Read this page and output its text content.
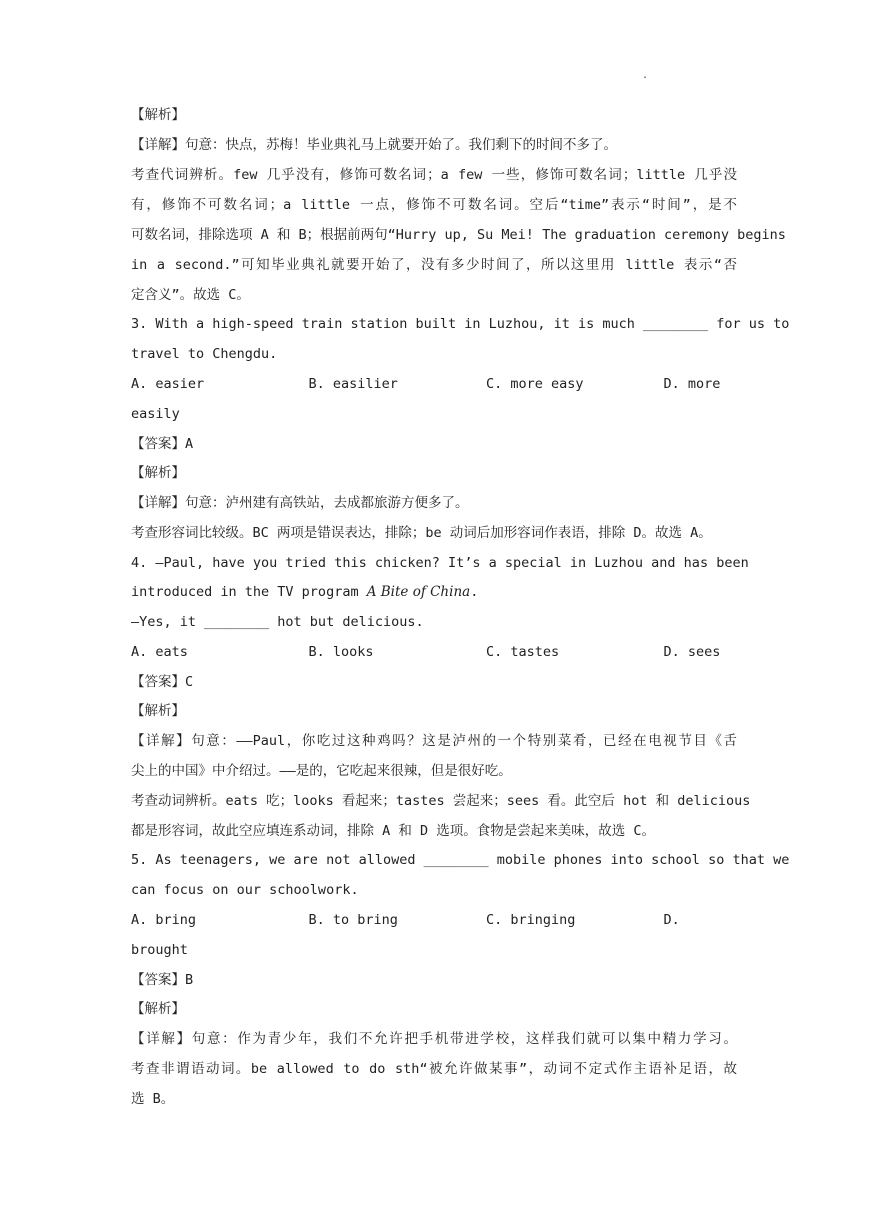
.
【解析】
【详解】句意：快点，苏梅！毕业典礼马上就要开始了。我们剩下的时间不多了。
考查代词辨析。few 几乎没有，修饰可数名词；a few 一些，修饰可数名词；little 几乎没
有，修饰不可数名词；a little 一点，修饰不可数名词。空后“time”表示“时间”，是不
可数名词，排除选项 A 和 B；根据前两句“Hurry up, Su Mei! The graduation ceremony begins
in a second.”可知毕业典礼就要开始了，没有多少时间了，所以这里用 little 表示“否
定含义”。故选 C。
3. With a high-speed train station built in Luzhou, it is much ________ for us to
travel to Chengdu.
A. easier	B. easilier	C. more easy	D. more
easily
【答案】A
【解析】
【详解】句意：泸州建有高铁站，去成都旅游方便多了。
考查形容词比较级。BC 两项是错误表达，排除；be 动词后加形容词作表语，排除 D。故选 A。
4. —Paul, have you tried this chicken? It’s a special in Luzhou and has been
introduced in the TV program A Bite of China.
—Yes, it ________ hot but delicious.
A. eats	B. looks	C. tastes	D. sees
【答案】C
【解析】
【详解】句意：——Paul，你吃过这种鸡吗？这是泸州的一个特别菜肴，已经在电视节目《舌
尖上的中国》中介绍过。——是的，它吃起来很辣，但是很好吃。
考查动词辨析。eats 吃；looks 看起来；tastes 尝起来；sees 看。此空后 hot 和 delicious
都是形容词，故此空应填连系动词，排除 A 和 D 选项。食物是尝起来美味，故选 C。
5. As teenagers, we are not allowed ________ mobile phones into school so that we
can focus on our schoolwork.
A. bring	B. to bring	C. bringing	D.
brought
【答案】B
【解析】
【详解】句意：作为青少年，我们不允许把手机带进学校，这样我们就可以集中精力学习。
考查非谓语动词。be allowed to do sth“被允许做某事”，动词不定式作主语补足语，故
选 B。
